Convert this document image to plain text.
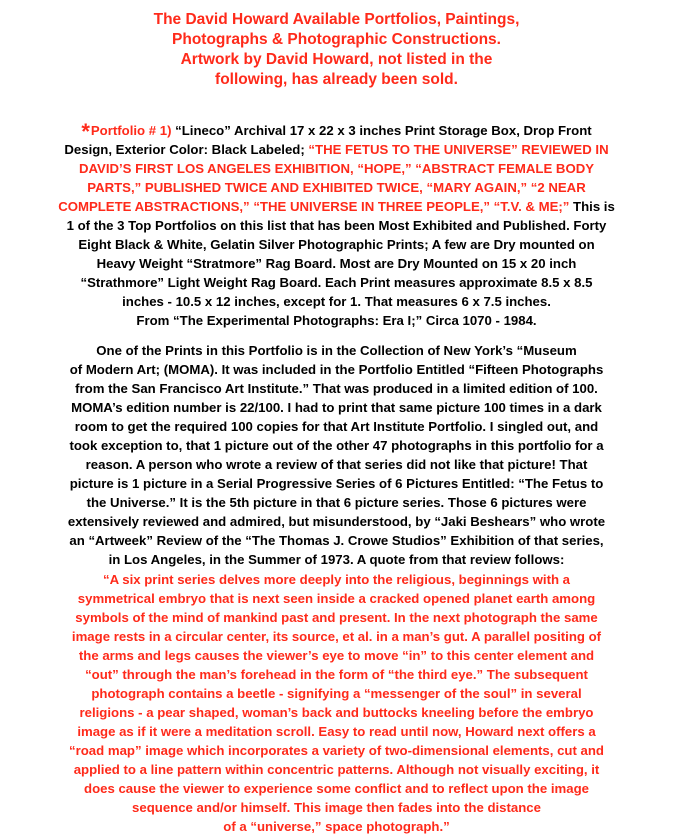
The David Howard Available Portfolios, Paintings,
Photographs & Photographic Constructions.
Artwork by David Howard, not listed in the
following, has already been sold.
*Portfolio # 1) “Lineco” Archival 17 x 22 x 3 inches Print Storage Box, Drop Front
Design, Exterior Color: Black Labeled; “THE FETUS TO THE UNIVERSE” REVIEWED IN
DAVID’S FIRST LOS ANGELES EXHIBITION, “HOPE,” “ABSTRACT FEMALE BODY
PARTS,” PUBLISHED TWICE AND EXHIBITED TWICE, “MARY AGAIN,” “2 NEAR
COMPLETE ABSTRACTIONS,” “THE UNIVERSE IN THREE PEOPLE,” “T.V. & ME;” This is
1 of the 3 Top Portfolios on this list that has been Most Exhibited and Published. Forty
Eight Black & White, Gelatin Silver Photographic Prints; A few are Dry mounted on
Heavy Weight “Stratmore” Rag Board. Most are Dry Mounted on 15 x 20 inch
“Strathmore” Light Weight Rag Board. Each Print measures approximate 8.5 x 8.5
inches - 10.5 x 12 inches, except for 1. That measures 6 x 7.5 inches.
From “The Experimental Photographs: Era I;” Circa 1070 - 1984.
One of the Prints in this Portfolio is in the Collection of New York’s “Museum
of Modern Art; (MOMA). It was included in the Portfolio Entitled “Fifteen Photographs
from the San Francisco Art Institute.” That was produced in a limited edition of 100.
MOMA’s edition number is 22/100. I had to print that same picture 100 times in a dark
room to get the required 100 copies for that Art Institute Portfolio. I singled out, and
took exception to, that 1 picture out of the other 47 photographs in this portfolio for a
reason. A person who wrote a review of that series did not like that picture! That
picture is 1 picture in a Serial Progressive Series of 6 Pictures Entitled: “The Fetus to
the Universe.” It is the 5th picture in that 6 picture series. Those 6 pictures were
extensively reviewed and admired, but misunderstood, by “Jaki Beshears” who wrote
an “Artweek” Review of the “The Thomas J. Crowe Studios” Exhibition of that series,
in Los Angeles, in the Summer of 1973. A quote from that review follows:
“A six print series delves more deeply into the religious, beginnings with a
symmetrical embryo that is next seen inside a cracked opened planet earth among
symbols of the mind of mankind past and present. In the next photograph the same
image rests in a circular center, its source, et al. in a man’s gut. A parallel positing of
the arms and legs causes the viewer’s eye to move “in” to this center element and
“out” through the man’s forehead in the form of “the third eye.” The subsequent
photograph contains a beetle - signifying a “messenger of the soul” in several
religions - a pear shaped, woman’s back and buttocks kneeling before the embryo
image as if it were a meditation scroll. Easy to read until now, Howard next offers a
“road map” image which incorporates a variety of two-dimensional elements, cut and
applied to a line pattern within concentric patterns. Although not visually exciting, it
does cause the viewer to experience some conflict and to reflect upon the image
sequence and/or himself. This image then fades into the distance
of a “universe,” space photograph.”
